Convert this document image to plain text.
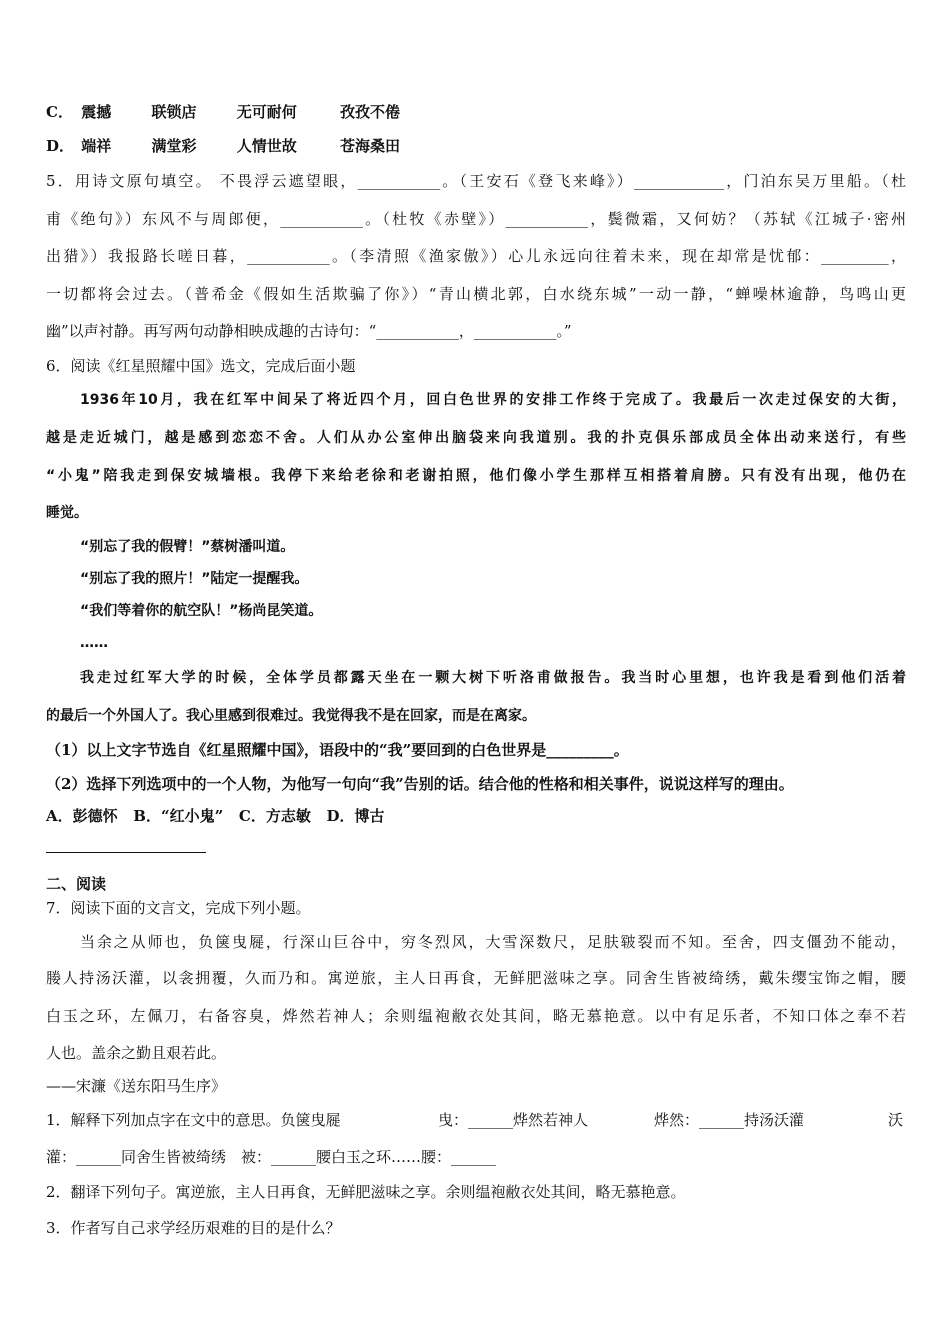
C． 震撼	联锁店	无可耐何	孜孜不倦
D． 端祥	满堂彩	人情世故	苍海桑田
5．用诗文原句填空。 不畏浮云遮望眼，___________。（王安石《登飞来峰》）____________，门泊东吴万里船。（杜
甫《绝句》）东风不与周郎便，___________。（杜牧《赤壁》）___________，鬓微霜，又何妨？（苏轼《江城子·密州
出猎》）我报路长嗟日暮，___________。（李清照《渔家傲》）心儿永远向往着未来，现在却常是忧郁：_________，
一切都将会过去。（普希金《假如生活欺骗了你》）“青山横北郭，白水绕东城”一动一静，“蝉噪林逾静，鸟鸣山更
幽”以声衬静。再写两句动静相映成趣的古诗句：“___________，___________。”
6．阅读《红星照耀中国》选文，完成后面小题
1936年10月，我在红军中间呆了将近四个月，回白色世界的安排工作终于完成了。我最后一次走过保安的大街，
越是走近城门，越是感到恋恋不舍。人们从办公室伸出脑袋来向我道别。我的扑克俱乐部成员全体出动来送行，有些
“小鬼”陪我走到保安城墙根。我停下来给老徐和老谢拍照，他们像小学生那样互相搭着肩膀。只有没有出现，他仍在
睡觉。
“别忘了我的假臂！”蔡树潘叫道。
“别忘了我的照片！”陆定一提醒我。
“我们等着你的航空队！”杨尚昆笑道。
……
我走过红军大学的时候，全体学员都露天坐在一颗大树下听洛甫做报告。我当时心里想，也许我是看到他们活着
的最后一个外国人了。我心里感到很难过。我觉得我不是在回家，而是在离家。
（1）以上文字节选自《红星照耀中国》，语段中的“我”要回到的白色世界是_________。
（2）选择下列选项中的一个人物，为他写一句向“我”告别的话。结合他的性格和相关事件，说说这样写的理由。
A．彭德怀   B．“红小鬼”   C．方志敏   D．博古
二、阅读
7．阅读下面的文言文，完成下列小题。
当余之从师也，负箧曳屣，行深山巨谷中，穷冬烈风，大雪深数尺，足肤皲裂而不知。至舍，四支僵劲不能动，
媵人持汤沃灌，以衾拥覆，久而乃和。寓逆旅，主人日再食，无鲜肥滋味之享。同舍生皆被绮绣，戴朱缨宝饰之帽，腰
白玉之环，左佩刀，右备容臭，烨然若神人；余则缊袍敝衣处其间，略无慕艳意。以中有足乐者，不知口体之奉不若
人也。盖余之勤且艰若此。
——宋濂《送东阳马生序》
1．解释下列加点字在文中的意思。负箧曳屣	曳：______烨然若神人	烨然：______持汤沃灌	沃
灌：______同舍生皆被绮绣　被：______腰白玉之环……腰：______
2．翻译下列句子。寓逆旅，主人日再食，无鲜肥滋味之享。余则缊袍敝衣处其间，略无慕艳意。
3．作者写自己求学经历艰难的目的是什么？
